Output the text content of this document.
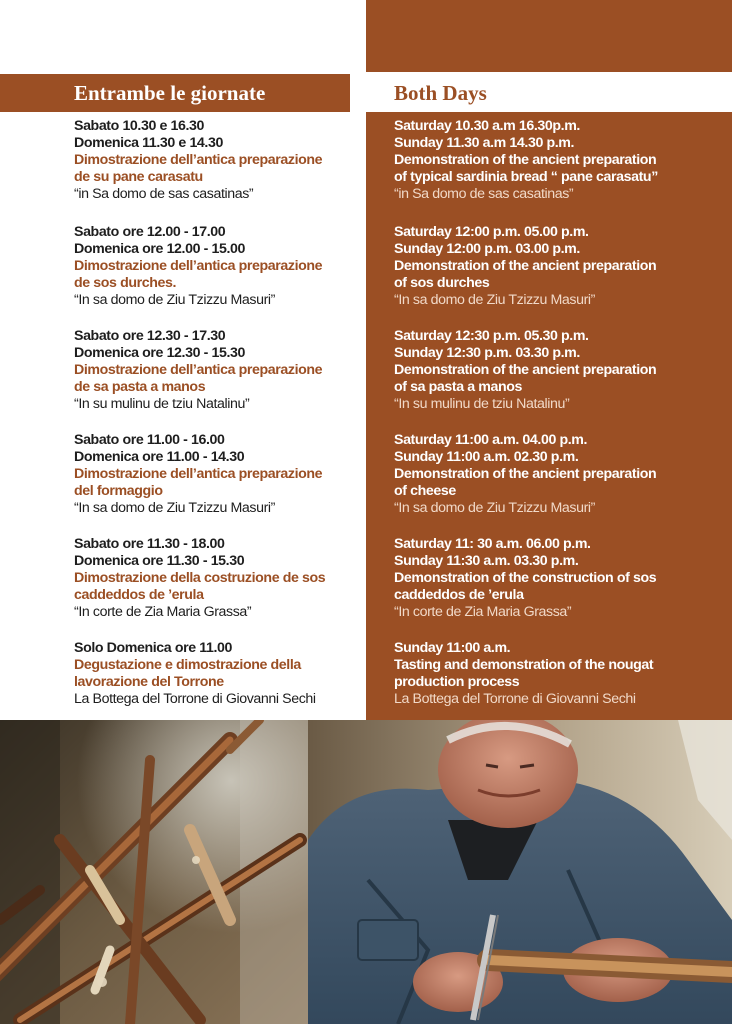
Entrambe le giornate	Both Days
Sabato 10.30 e 16.30
Domenica 11.30 e 14.30
Dimostrazione dell’antica preparazione
de su pane carasatu
“in Sa domo de sas casatinas”
Sabato ore 12.00 - 17.00
Domenica ore 12.00 - 15.00
Dimostrazione dell’antica preparazione
de sos durches.
“In sa domo de Ziu Tzizzu Masuri”
Sabato ore 12.30 - 17.30
Domenica ore 12.30 - 15.30
Dimostrazione dell’antica preparazione
de sa pasta a manos
“In su mulinu de tziu Natalinu”
Sabato ore 11.00 - 16.00
Domenica ore 11.00 - 14.30
Dimostrazione dell’antica preparazione
del formaggio
“In sa domo de Ziu Tzizzu Masuri”
Sabato ore 11.30 - 18.00
Domenica ore 11.30 - 15.30
Dimostrazione della costruzione de sos
caddeddos de ’erula
“In corte de Zia Maria Grassa”
Solo Domenica ore 11.00
Degustazione e dimostrazione della
lavorazione del Torrone
La Bottega del Torrone di Giovanni Sechi
Saturday 10.30 a.m 16.30p.m.
Sunday 11.30 a.m 14.30 p.m.
Demonstration of the ancient preparation
of typical sardinia bread “ pane carasatu”
“in Sa domo de sas casatinas”
Saturday 12:00 p.m. 05.00 p.m.
Sunday 12:00 p.m. 03.00 p.m.
Demonstration of the ancient preparation
of sos durches
“In sa domo de Ziu Tzizzu Masuri”
Saturday 12:30 p.m. 05.30 p.m.
Sunday 12:30 p.m. 03.30 p.m.
Demonstration of the ancient preparation
of sa pasta a manos
“In su mulinu de tziu Natalinu”
Saturday 11:00 a.m. 04.00 p.m.
Sunday 11:00 a.m. 02.30 p.m.
Demonstration of the ancient preparation
of cheese
“In sa domo de Ziu Tzizzu Masuri”
Saturday 11: 30 a.m. 06.00 p.m.
Sunday 11:30 a.m. 03.30 p.m.
Demonstration of the construction of sos
caddeddos de ’erula
“In corte de Zia Maria Grassa”
Sunday 11:00 a.m.
Tasting and demonstration of the nougat
production process
La Bottega del Torrone di Giovanni Sechi
